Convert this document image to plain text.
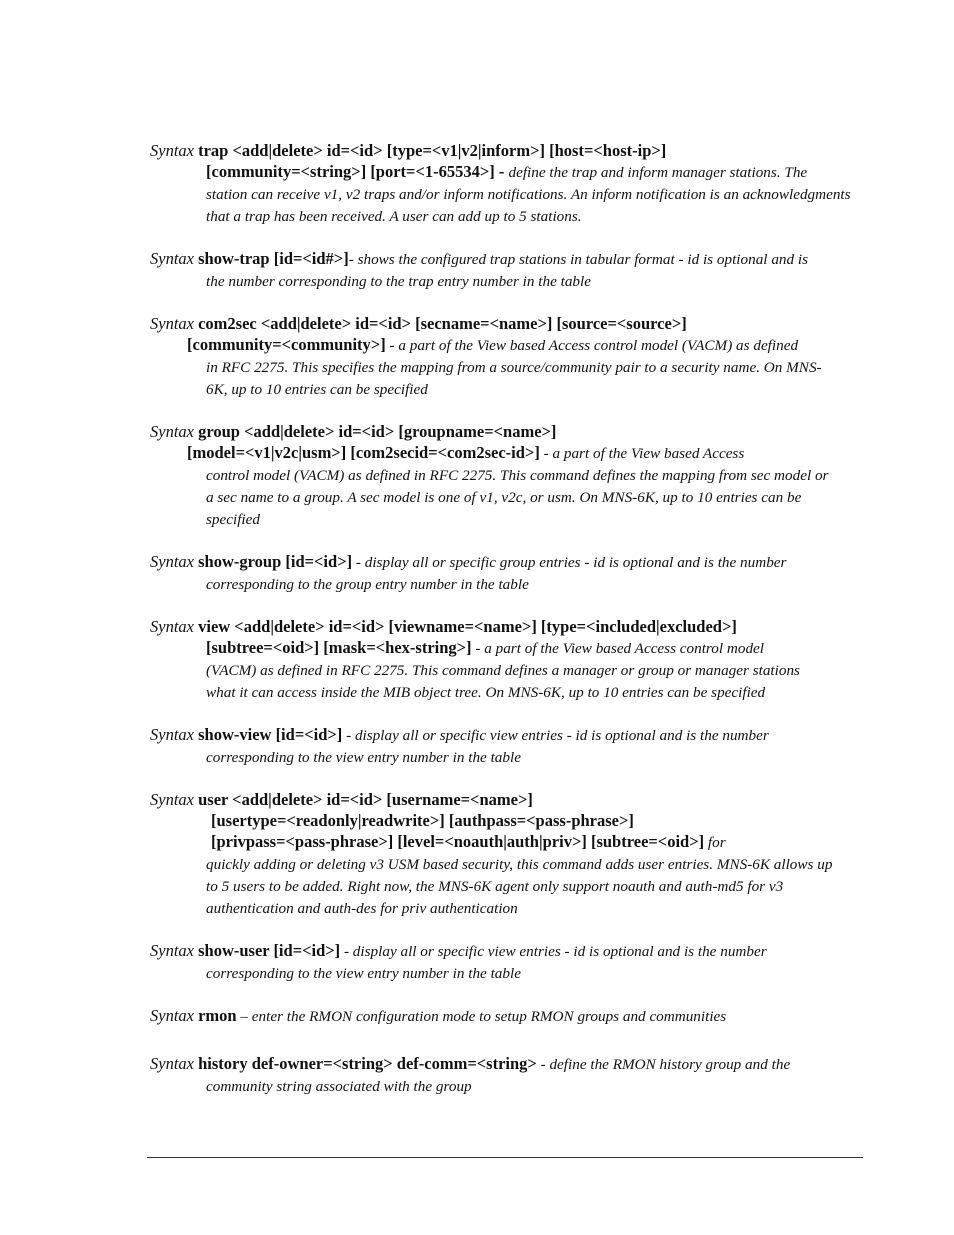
Syntax trap <add|delete> id=<id> [type=<v1|v2|inform>] [host=<host-ip>]
[community=<string>] [port=<1-65534>] - define the trap and inform manager stations. The
station can receive v1, v2 traps and/or inform notifications. An inform notification is an acknowledgments
that a trap has been received. A user can add up to 5 stations.
Syntax show-trap [id=<id#>]- shows the configured trap stations in tabular format - id is optional and is
the number corresponding to the trap entry number in the table
Syntax com2sec <add|delete> id=<id> [secname=<name>] [source=<source>]
[community=<community>] - a part of the View based Access control model (VACM) as defined
in RFC 2275. This specifies the mapping from a source/community pair to a security name. On MNS-
6K, up to 10 entries can be specified
Syntax group <add|delete> id=<id> [groupname=<name>]
[model=<v1|v2c|usm>] [com2secid=<com2sec-id>] - a part of the View based Access
control model (VACM) as defined in RFC 2275. This command defines the mapping from sec model or
a sec name to a group. A sec model is one of v1, v2c, or usm. On MNS-6K, up to 10 entries can be
specified
Syntax show-group [id=<id>] - display all or specific group entries - id is optional and is the number
corresponding to the group entry number in the table
Syntax view <add|delete> id=<id> [viewname=<name>] [type=<included|excluded>]
[subtree=<oid>] [mask=<hex-string>] - a part of the View based Access control model
(VACM) as defined in RFC 2275. This command defines a manager or group or manager stations
what it can access inside the MIB object tree. On MNS-6K, up to 10 entries can be specified
Syntax show-view [id=<id>] - display all or specific view entries - id is optional and is the number
corresponding to the view entry number in the table
Syntax user <add|delete> id=<id> [username=<name>]
[usertype=<readonly|readwrite>] [authpass=<pass-phrase>]
[privpass=<pass-phrase>] [level=<noauth|auth|priv>] [subtree=<oid>] for
quickly adding or deleting v3 USM based security, this command adds user entries. MNS-6K allows up
to 5 users to be added. Right now, the MNS-6K agent only support noauth and auth-md5 for v3
authentication and auth-des for priv authentication
Syntax show-user [id=<id>] - display all or specific view entries - id is optional and is the number
corresponding to the view entry number in the table
Syntax rmon – enter the RMON configuration mode to setup RMON groups and communities
Syntax history def-owner=<string> def-comm=<string> - define the RMON history group and the
community string associated with the group
